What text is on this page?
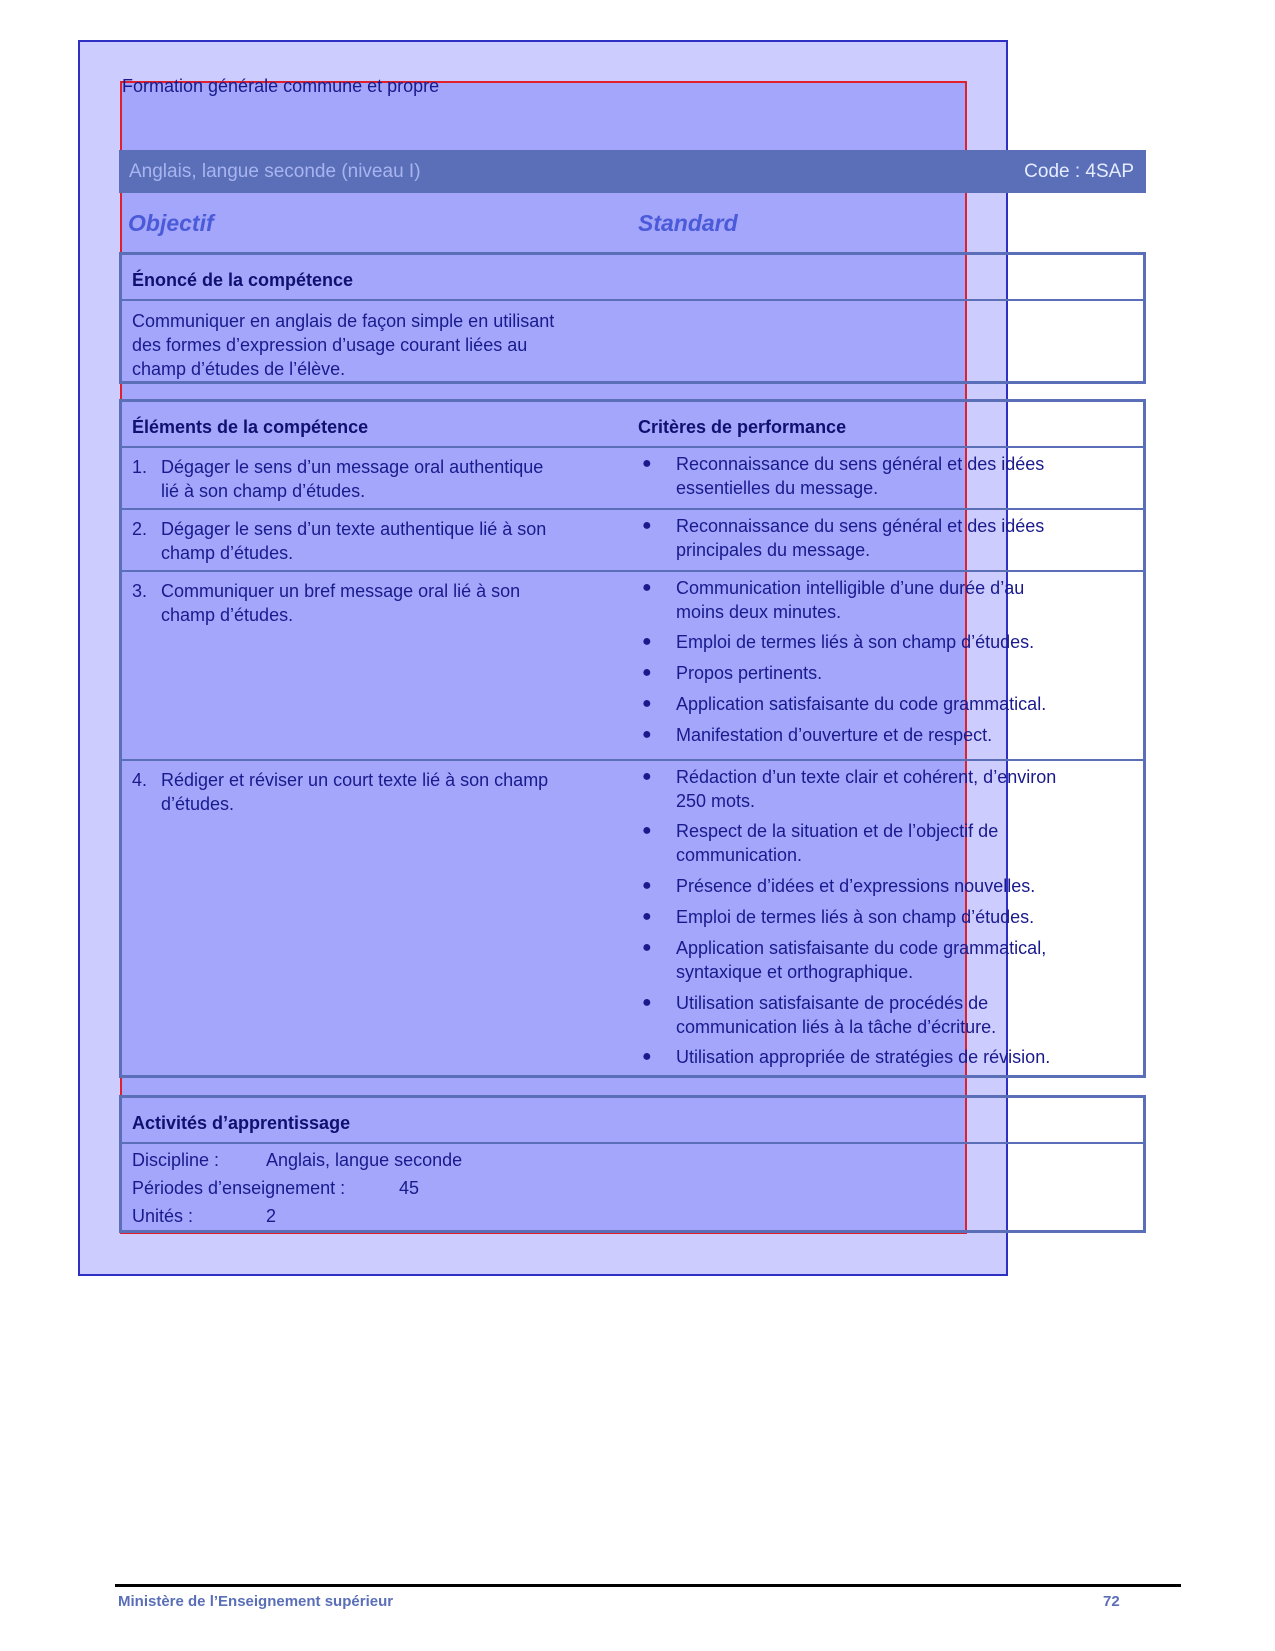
Formation générale commune et propre
Anglais, langue seconde (niveau I)	Code : 4SAP
Objectif	Standard
Énoncé de la compétence
Communiquer en anglais de façon simple en utilisant
des formes d’expression d’usage courant liées au
champ d’études de l’élève.
Éléments de la compétence	Critères de performance
1. Dégager le sens d’un message oral authentique
lié à son champ d’études.
●	Reconnaissance du sens général et des idées
essentielles du message.
2. Dégager le sens d’un texte authentique lié à son
champ d’études.
●	Reconnaissance du sens général et des idées
principales du message.
3. Communiquer un bref message oral lié à son
champ d’études.
●	Communication intelligible d’une durée d’au
moins deux minutes.
●	Emploi de termes liés à son champ d’études.
●	Propos pertinents.
●	Application satisfaisante du code grammatical.
●	Manifestation d’ouverture et de respect.
4. Rédiger et réviser un court texte lié à son champ
d’études.
●	Rédaction d’un texte clair et cohérent, d’environ
250 mots.
●	Respect de la situation et de l’objectif de
communication.
●	Présence d’idées et d’expressions nouvelles.
●	Emploi de termes liés à son champ d’études.
●	Application satisfaisante du code grammatical,
syntaxique et orthographique.
●	Utilisation satisfaisante de procédés de
communication liés à la tâche d’écriture.
●	Utilisation appropriée de stratégies de révision.
Activités d’apprentissage
Discipline :	Anglais, langue seconde
Périodes d’enseignement :	45
Unités :	2
Ministère de l’Enseignement supérieur	72
